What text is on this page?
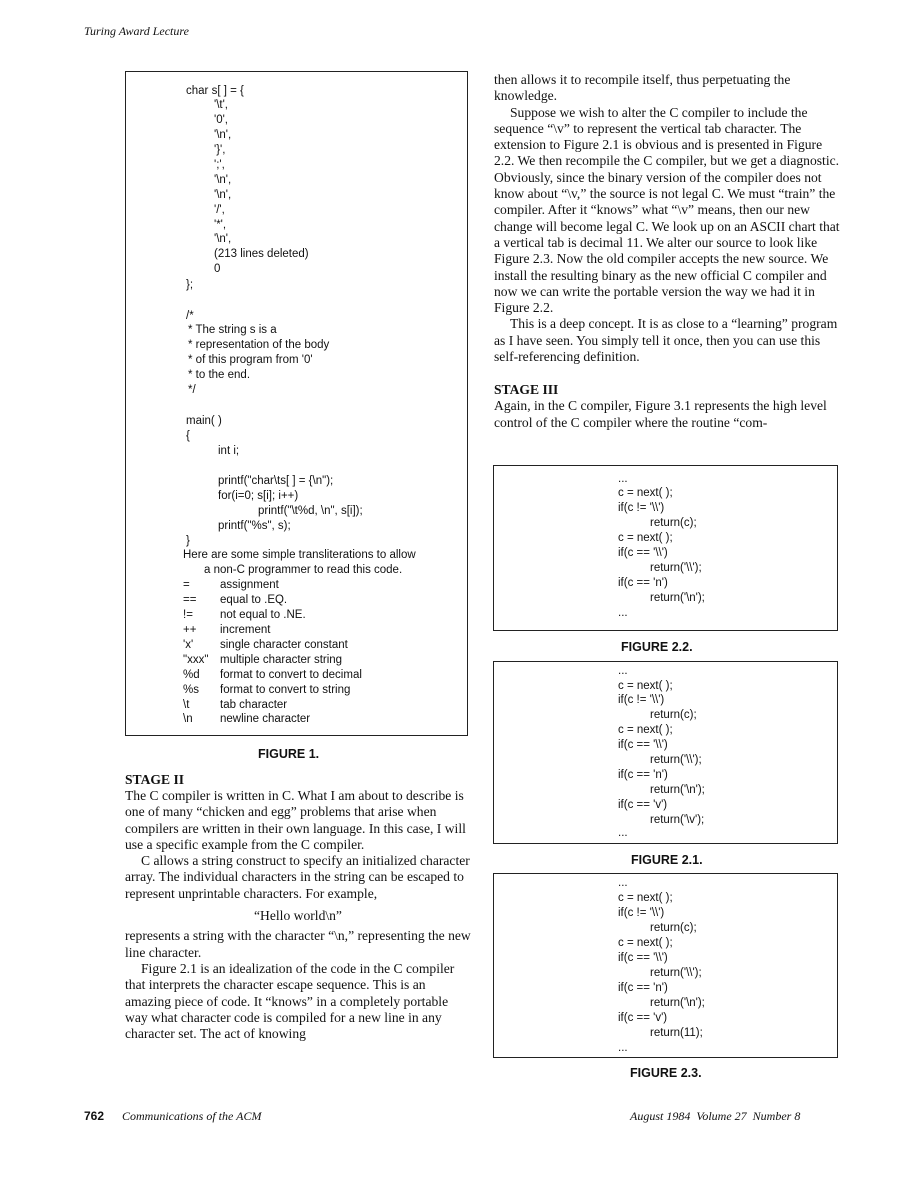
Turing Award Lecture
char s[ ] = {
'\t',
'0',
'\n',
'}',
';',
'\n',
'\n',
'/',
'*',
'\n',
(213 lines deleted)
0
};
/*
* The string s is a
* representation of the body
* of this program from '0'
* to the end.
*/
main( )
{
int i;
printf("char\ts[ ] = {\n");
for(i=0; s[i]; i++)
printf("\t%d, \n", s[i]);
printf("%s", s);
}
Here are some simple transliterations to allow
a non-C programmer to read this code.
=	assignment
== equal to .EQ.
!= not equal to .NE.
++ increment
'x' single character constant
"xxx" multiple character string
%d format to convert to decimal
%s format to convert to string
\t	tab character
\n newline character
FIGURE 1.
STAGE II

The C compiler is written in C. What I am about to describe is one of many “chicken and egg” problems that arise when compilers are written in their own language. In this case, I will use a specific example from the C compiler.

C allows a string construct to specify an initialized character array. The individual characters in the string can be escaped to represent unprintable characters. For example,

“Hello world\n”

represents a string with the character “\n,” representing the new line character.

Figure 2.1 is an idealization of the code in the C compiler that interprets the character escape sequence. This is an amazing piece of code. It “knows” in a completely portable way what character code is compiled for a new line in any character set. The act of knowing

then allows it to recompile itself, thus perpetuating the knowledge.

Suppose we wish to alter the C compiler to include the sequence “\v” to represent the vertical tab character. The extension to Figure 2.1 is obvious and is presented in Figure 2.2. We then recompile the C compiler, but we get a diagnostic. Obviously, since the binary version of the compiler does not know about “\v,” the source is not legal C. We must “train” the compiler. After it “knows” what “\v” means, then our new change will become legal C. We look up on an ASCII chart that a vertical tab is decimal 11. We alter our source to look like Figure 2.3. Now the old compiler accepts the new source. We install the resulting binary as the new official C compiler and now we can write the portable version the way we had it in Figure 2.2.

This is a deep concept. It is as close to a “learning” program as I have seen. You simply tell it once, then you can use this self-referencing definition.

STAGE III

Again, in the C compiler, Figure 3.1 represents the high level control of the C compiler where the routine “com-

...
c = next( );
if(c != '\\')
return(c);
c = next( );
if(c == '\\')
return('\\');
if(c == 'n')
return('\n');
...
FIGURE 2.2.
...
c = next( );
if(c != '\\')
return(c);
c = next( );
if(c == '\\')
return('\\');
if(c == 'n')
return('\n');
if(c == 'v')
return('\v');
...
FIGURE 2.1.
...
c = next( );
if(c != '\\')
return(c);
c = next( );
if(c == '\\')
return('\\');
if(c == 'n')
return('\n');
if(c == 'v')
return(11);
...
FIGURE 2.3.
762 Communications of the ACM	August 1984  Volume 27  Number 8
